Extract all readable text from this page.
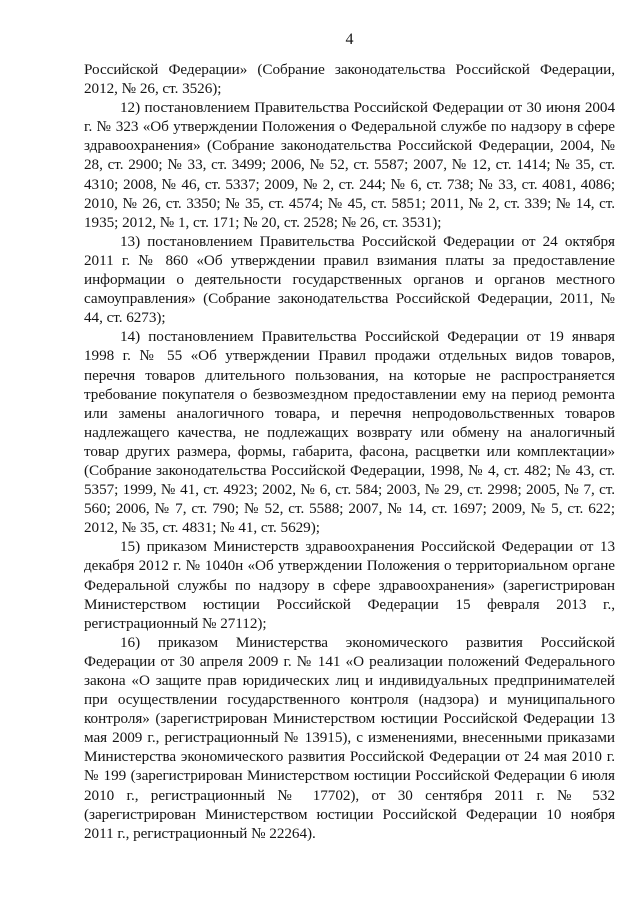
4

Российской Федерации» (Собрание законодательства Российской Федерации, 2012, № 26, ст. 3526);

12) постановлением Правительства Российской Федерации от 30 июня 2004 г. № 323 «Об утверждении Положения о Федеральной службе по надзору в сфере здравоохранения» (Собрание законодательства Российской Федерации, 2004, № 28, ст. 2900; № 33, ст. 3499; 2006, № 52, ст. 5587; 2007, № 12, ст. 1414; № 35, ст. 4310; 2008, № 46, ст. 5337; 2009, № 2, ст. 244; № 6, ст. 738; № 33, ст. 4081, 4086; 2010, № 26, ст. 3350; № 35, ст. 4574; № 45, ст. 5851; 2011, № 2, ст. 339; № 14, ст. 1935; 2012, № 1, ст. 171; № 20, ст. 2528; № 26, ст. 3531);

13) постановлением Правительства Российской Федерации от 24 октября 2011 г. № 860 «Об утверждении правил взимания платы за предоставление информации о деятельности государственных органов и органов местного самоуправления» (Собрание законодательства Российской Федерации, 2011, № 44, ст. 6273);

14) постановлением Правительства Российской Федерации от 19 января 1998 г. № 55 «Об утверждении Правил продажи отдельных видов товаров, перечня товаров длительного пользования, на которые не распространяется требование покупателя о безвозмездном предоставлении ему на период ремонта или замены аналогичного товара, и перечня непродовольственных товаров надлежащего качества, не подлежащих возврату или обмену на аналогичный товар других размера, формы, габарита, фасона, расцветки или комплектации» (Собрание законодательства Российской Федерации, 1998, № 4, ст. 482; № 43, ст. 5357; 1999, № 41, ст. 4923; 2002, № 6, ст. 584; 2003, № 29, ст. 2998; 2005, № 7, ст. 560; 2006, № 7, ст. 790; № 52, ст. 5588; 2007, № 14, ст. 1697; 2009, № 5, ст. 622; 2012, № 35, ст. 4831; № 41, ст. 5629);

15) приказом Министерств здравоохранения Российской Федерации от 13 декабря 2012 г. № 1040н «Об утверждении Положения о территориальном органе Федеральной службы по надзору в сфере здравоохранения» (зарегистрирован Министерством юстиции Российской Федерации 15 февраля 2013 г., регистрационный № 27112);

16) приказом Министерства экономического развития Российской Федерации от 30 апреля 2009 г. № 141 «О реализации положений Федерального закона «О защите прав юридических лиц и индивидуальных предпринимателей при осуществлении государственного контроля (надзора) и муниципального контроля» (зарегистрирован Министерством юстиции Российской Федерации 13 мая 2009 г., регистрационный № 13915), с изменениями, внесенными приказами Министерства экономического развития Российской Федерации от 24 мая 2010 г. № 199 (зарегистрирован Министерством юстиции Российской Федерации 6 июля 2010 г., регистрационный № 17702), от 30 сентября 2011 г. № 532 (зарегистрирован Министерством юстиции Российской Федерации 10 ноября 2011 г., регистрационный № 22264).
